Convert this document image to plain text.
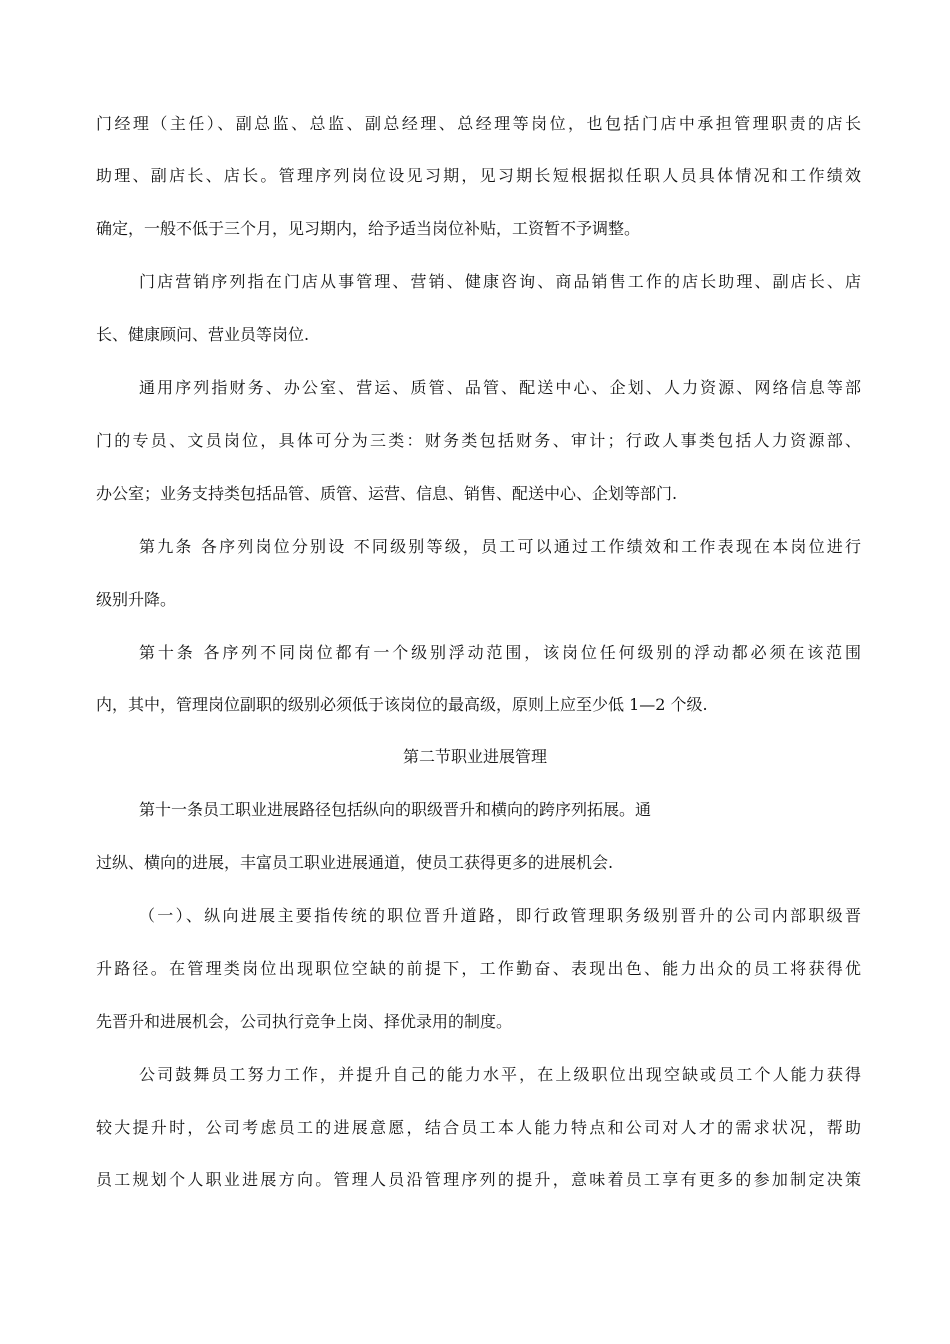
门经理（主任）、副总监、总监、副总经理、总经理等岗位，也包括门店中承担管理职责的店长
助理、副店长、店长。管理序列岗位设见习期，见习期长短根据拟任职人员具体情况和工作绩效
确定，一般不低于三个月，见习期内，给予适当岗位补贴，工资暂不予调整。
门店营销序列指在门店从事管理、营销、健康咨询、商品销售工作的店长助理、副店长、店
长、健康顾问、营业员等岗位.
通用序列指财务、办公室、营运、质管、品管、配送中心、企划、人力资源、网络信息等部
门的专员、文员岗位，具体可分为三类：财务类包括财务、审计；行政人事类包括人力资源部、
办公室；业务支持类包括品管、质管、运营、信息、销售、配送中心、企划等部门.
第九条 各序列岗位分别设 不同级别等级，员工可以通过工作绩效和工作表现在本岗位进行
级别升降。
第十条 各序列不同岗位都有一个级别浮动范围，该岗位任何级别的浮动都必须在该范围
内，其中，管理岗位副职的级别必须低于该岗位的最高级，原则上应至少低 1—2 个级.
第二节职业进展管理
第十一条员工职业进展路径包括纵向的职级晋升和横向的跨序列拓展。通
过纵、横向的进展，丰富员工职业进展通道，使员工获得更多的进展机会.
（一）、纵向进展主要指传统的职位晋升道路，即行政管理职务级别晋升的公司内部职级晋
升路径。在管理类岗位出现职位空缺的前提下，工作勤奋、表现出色、能力出众的员工将获得优
先晋升和进展机会，公司执行竞争上岗、择优录用的制度。
公司鼓舞员工努力工作，并提升自己的能力水平，在上级职位出现空缺或员工个人能力获得
较大提升时，公司考虑员工的进展意愿，结合员工本人能力特点和公司对人才的需求状况，帮助
员工规划个人职业进展方向。管理人员沿管理序列的提升，意味着员工享有更多的参加制定决策
